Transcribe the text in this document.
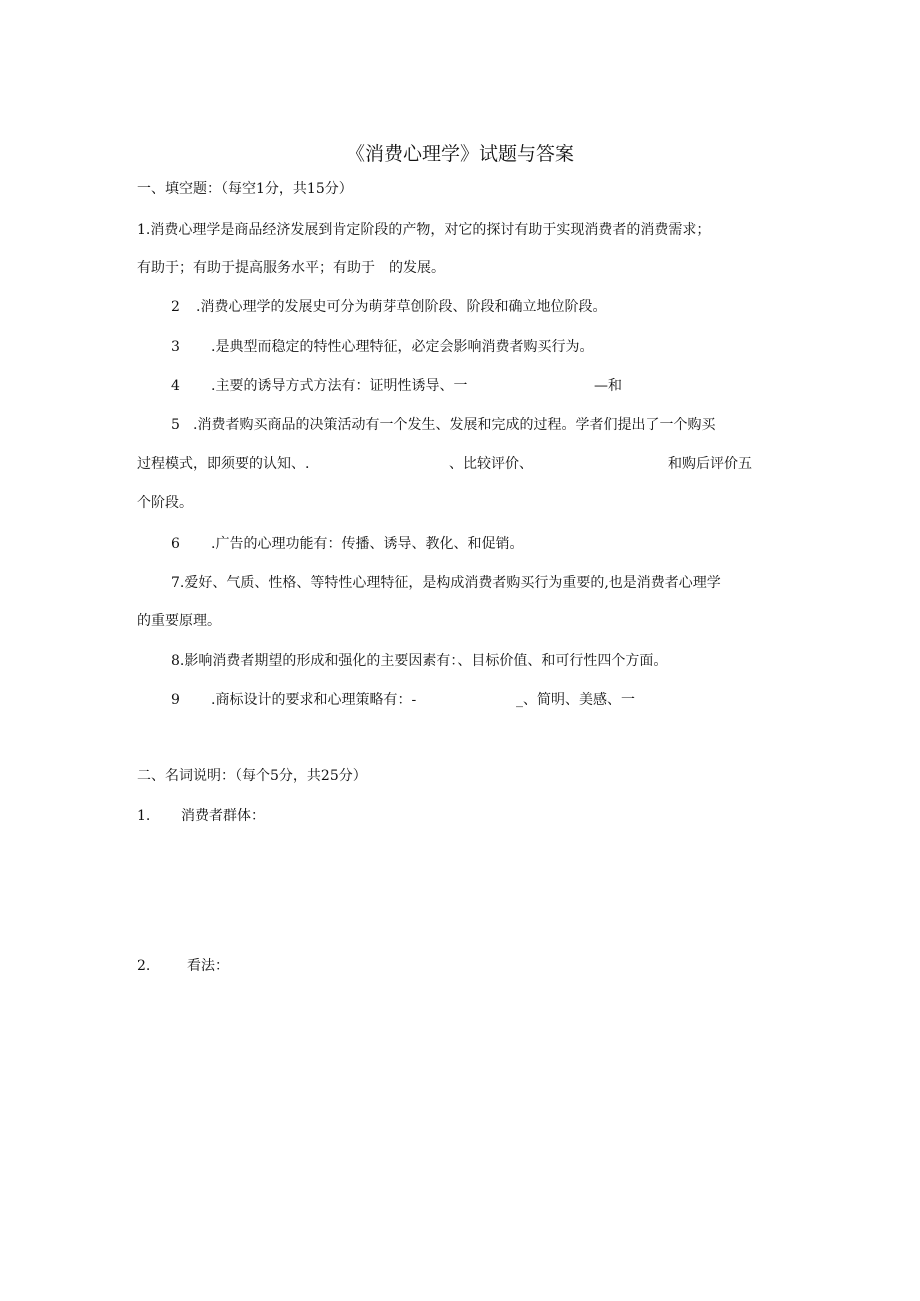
《消费心理学》试题与答案
一、填空题：（每空1分，共15分）
1.消费心理学是商品经济发展到肯定阶段的产物，对它的探讨有助于实现消费者的消费需求；
有助于；有助于提高服务水平；有助于　的发展。
2 .消费心理学的发展史可分为萌芽草创阶段、阶段和确立地位阶段。
3 .是典型而稳定的特性心理特征，必定会影响消费者购买行为。
4 .主要的诱导方式方法有：证明性诱导、一	—和
5 .消费者购买商品的决策活动有一个发生、发展和完成的过程。学者们提出了一个购买
过程模式，即须要的认知、.	、比较评价、	和购后评价五
个阶段。
6 .广告的心理功能有：传播、诱导、教化、和促销。
7.爱好、气质、性格、等特性心理特征，是构成消费者购买行为重要的,也是消费者心理学
的重要原理。
8.影响消费者期望的形成和强化的主要因素有：、目标价值、和可行性四个方面。
9 .商标设计的要求和心理策略有：-	_、简明、美感、一
二、名词说明：（每个5分，共25分）
1. 消费者群体：
2.	看法：
